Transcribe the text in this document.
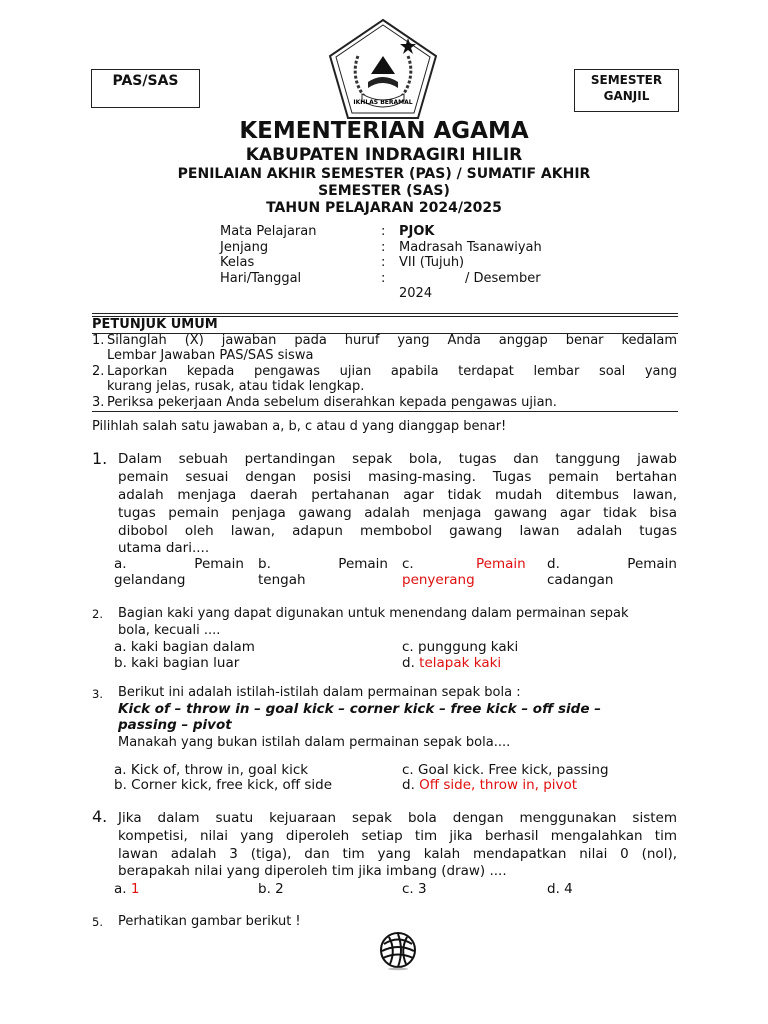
PAS/SAS	SEMESTER
GANJIL
IKHLAS BERAMAL
KEMENTERIAN AGAMA
KABUPATEN INDRAGIRI HILIR
PENILAIAN AKHIR SEMESTER (PAS) / SUMATIF AKHIR
SEMESTER (SAS)
TAHUN PELAJARAN 2024/2025
Mata Pelajaran	: PJOK
Jenjang	: Madrasah Tsanawiyah
Kelas	: VII (Tujuh)
Hari/Tanggal	:	/ Desember
2024
PETUNJUK UMUM
1. Silanglah (X) jawaban pada huruf yang Anda anggap benar kedalam
Lembar Jawaban PAS/SAS siswa
2. Laporkan kepada pengawas ujian apabila terdapat lembar soal yang
kurang jelas, rusak, atau tidak lengkap.
3. Periksa pekerjaan Anda sebelum diserahkan kepada pengawas ujian.
Pilihlah salah satu jawaban a, b, c atau d yang dianggap benar!
1. Dalam sebuah pertandingan sepak bola, tugas dan tanggung jawab
pemain sesuai dengan posisi masing-masing. Tugas pemain bertahan
adalah menjaga daerah pertahanan agar tidak mudah ditembus lawan,
tugas pemain penjaga gawang adalah menjaga gawang agar tidak bisa
dibobol oleh lawan, adapun membobol gawang lawan adalah tugas
utama dari....
a. Pemain
gelandang
b. Pemain
tengah
c.	Pemain
penyerang
d. Pemain
cadangan
2. Bagian kaki yang dapat digunakan untuk menendang dalam permainan sepak
bola, kecuali ....
a. kaki bagian dalam
b. kaki bagian luar
c. punggung kaki
d. telapak kaki
3. Berikut ini adalah istilah-istilah dalam permainan sepak bola :
Kick of – throw in – goal kick – corner kick – free kick – off side –
passing – pivot
Manakah yang bukan istilah dalam permainan sepak bola....
a. Kick of, throw in, goal kick
b. Corner kick, free kick, off side
c. Goal kick. Free kick, passing
d. Off side, throw in, pivot
4. Jika dalam suatu kejuaraan sepak bola dengan menggunakan sistem
kompetisi, nilai yang diperoleh setiap tim jika berhasil mengalahkan tim
lawan adalah 3 (tiga), dan tim yang kalah mendapatkan nilai 0 (nol),
berapakah nilai yang diperoleh tim jika imbang (draw) ....
a. 1	b. 2	c. 3	d. 4
5. Perhatikan gambar berikut !
